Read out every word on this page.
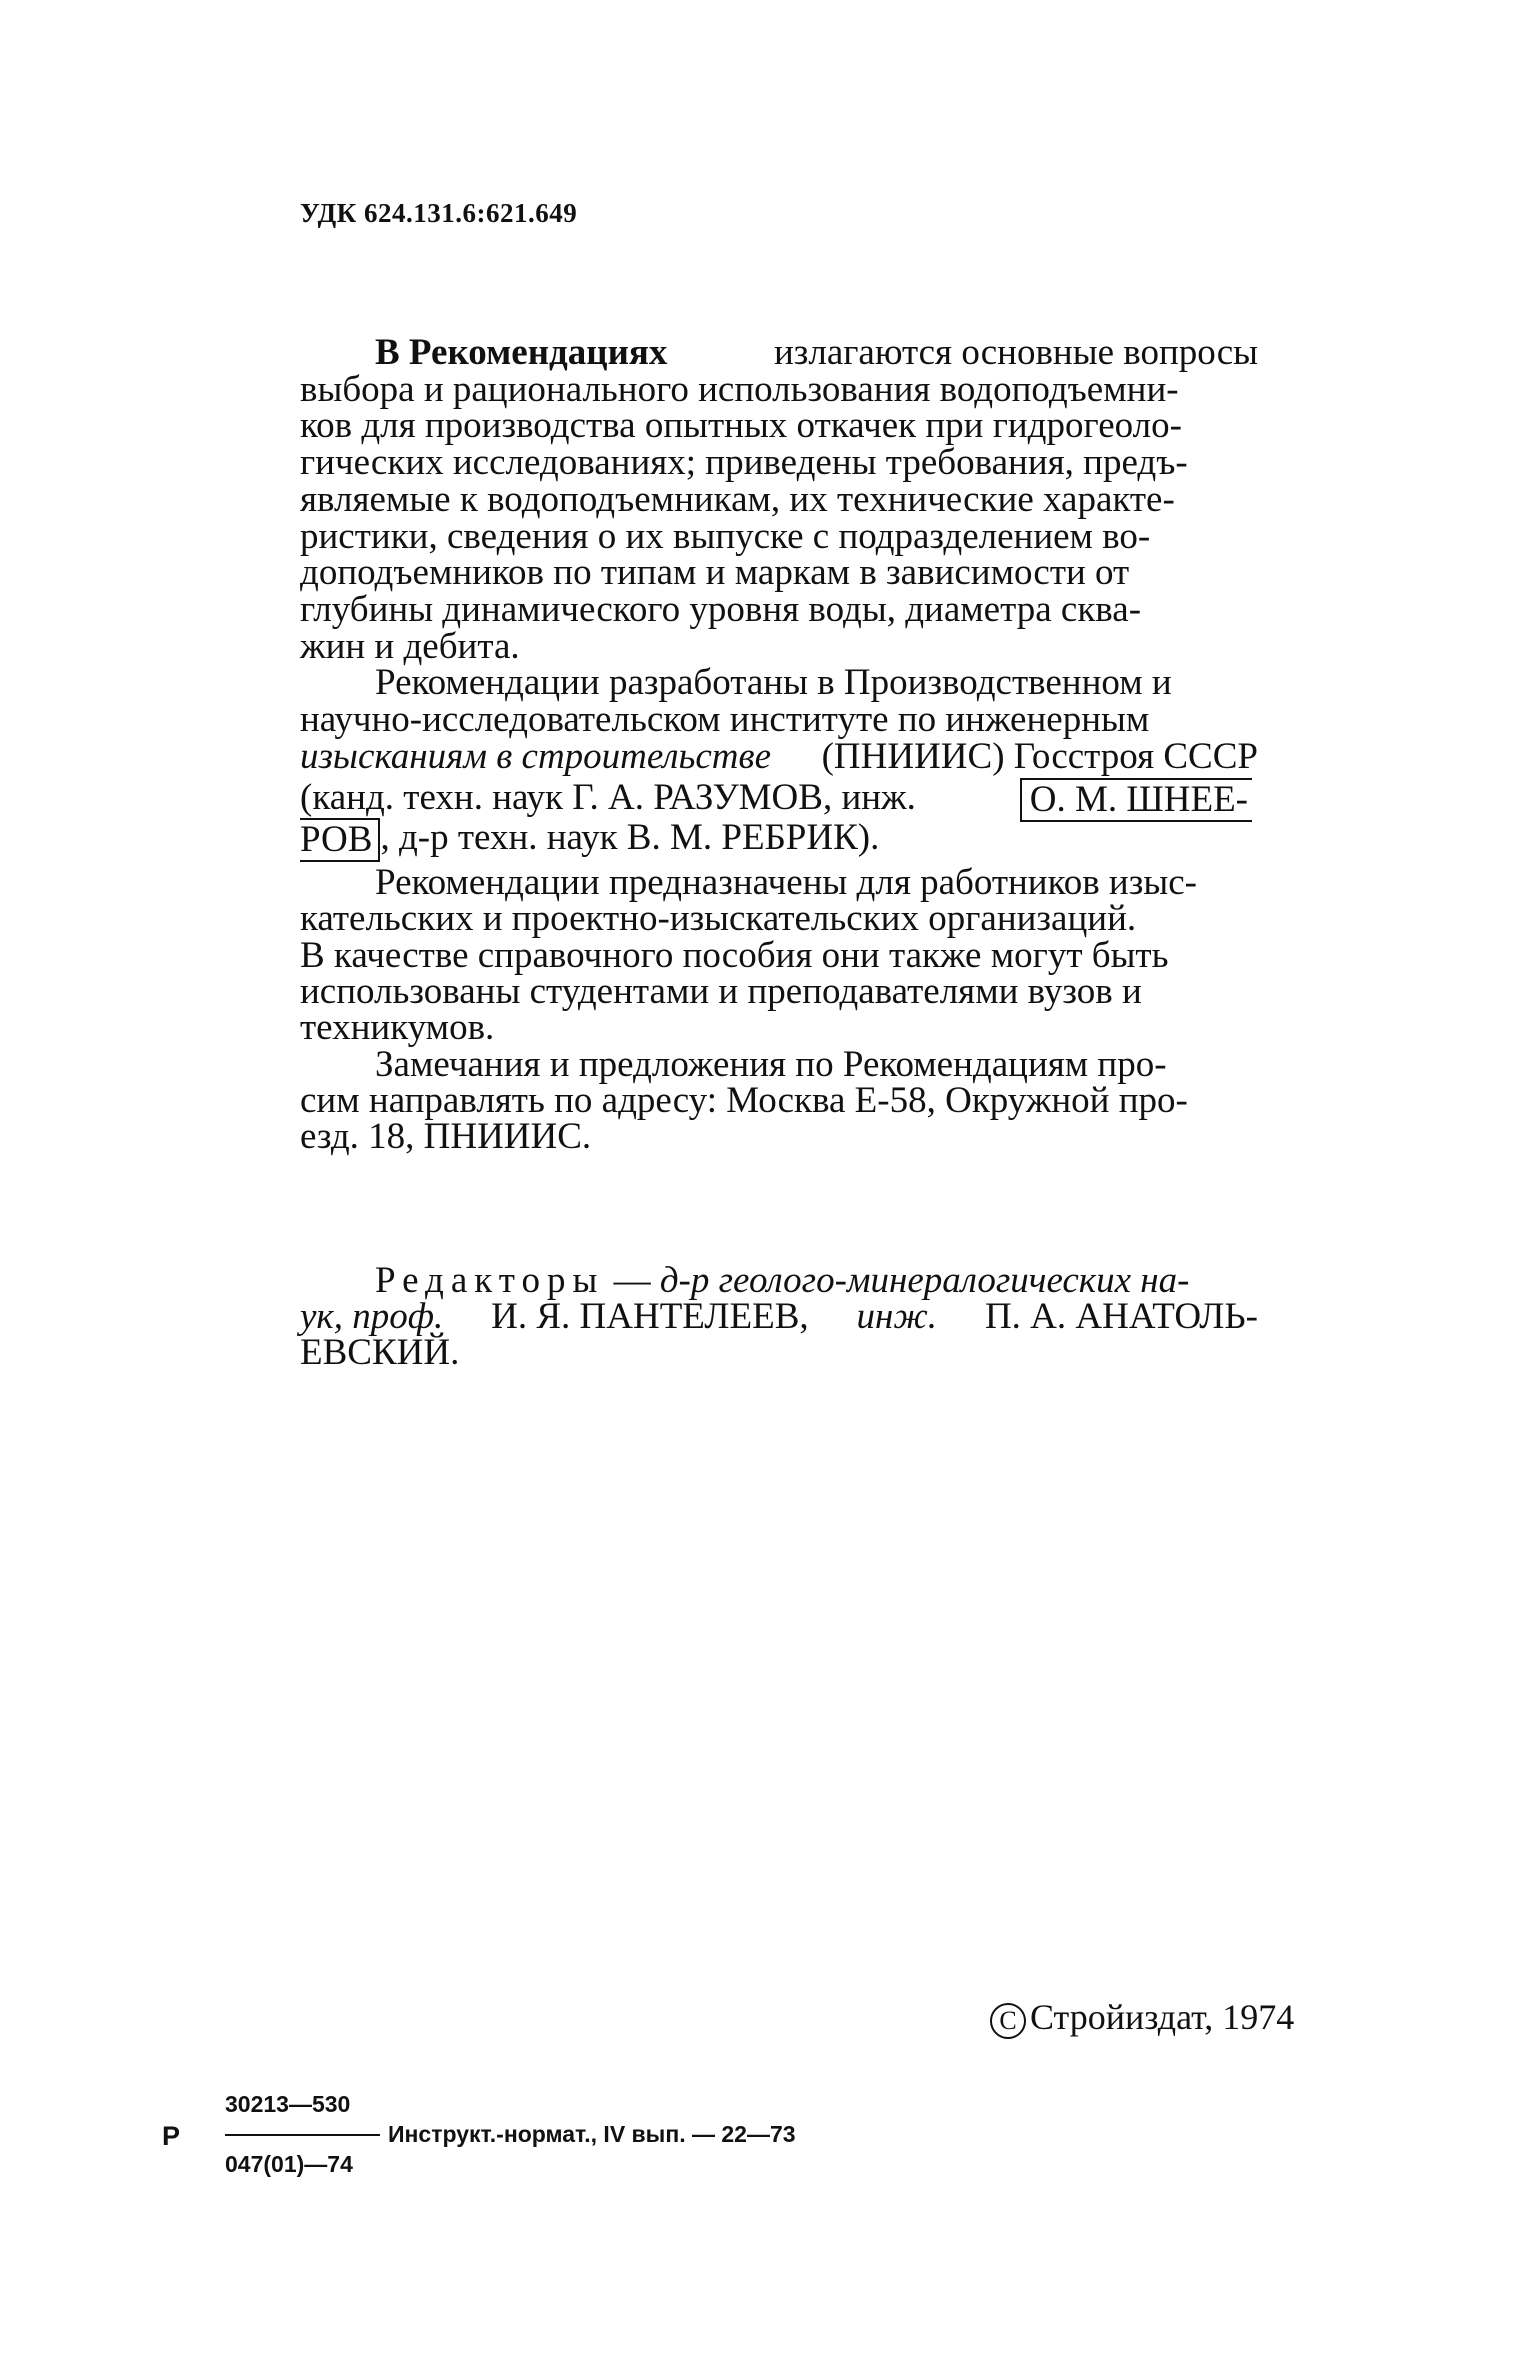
УДК 624.131.6:621.649
В Рекомендациях	излагаются основные вопросы
выбора и рационального использования водоподъемни-
ков для производства опытных откачек при гидрогеоло-
гических исследованиях; приведены требования, предъ-
являемые к водоподъемникам, их технические характе-
ристики, сведения о их выпуске с подразделением во-
доподъемников по типам и маркам в зависимости от
глубины динамического уровня воды, диаметра сква-
жин и дебита.
Рекомендации разработаны в Производственном и
научно-исследовательском институте по инженерным
изысканиям в строительстве (ПНИИИС) Госстроя СССР
(канд. техн. наук Г. А. РАЗУМОВ, инж.	О. М. ШНЕЕ-
РОВ , д-р техн. наук В. М. РЕБРИК).
Рекомендации предназначены для работников изыс-
кательских и проектно-изыскательских организаций.
В качестве справочного пособия они также могут быть
использованы студентами и преподавателями вузов и
техникумов.
Замечания и предложения по Рекомендациям про-
сим направлять по адресу: Москва Е-58, Окружной про-
езд. 18, ПНИИИС.
Редакторы — д-р геолого-минералогических на-
ук, проф. И. Я. ПАНТЕЛЕЕВ, инж. П. А. АНАТОЛЬ-
ЕВСКИЙ.
C Стройиздат, 1974
Р
30213—530
047(01)—74
Инструкт.-нормат., IV вып. — 22—73
